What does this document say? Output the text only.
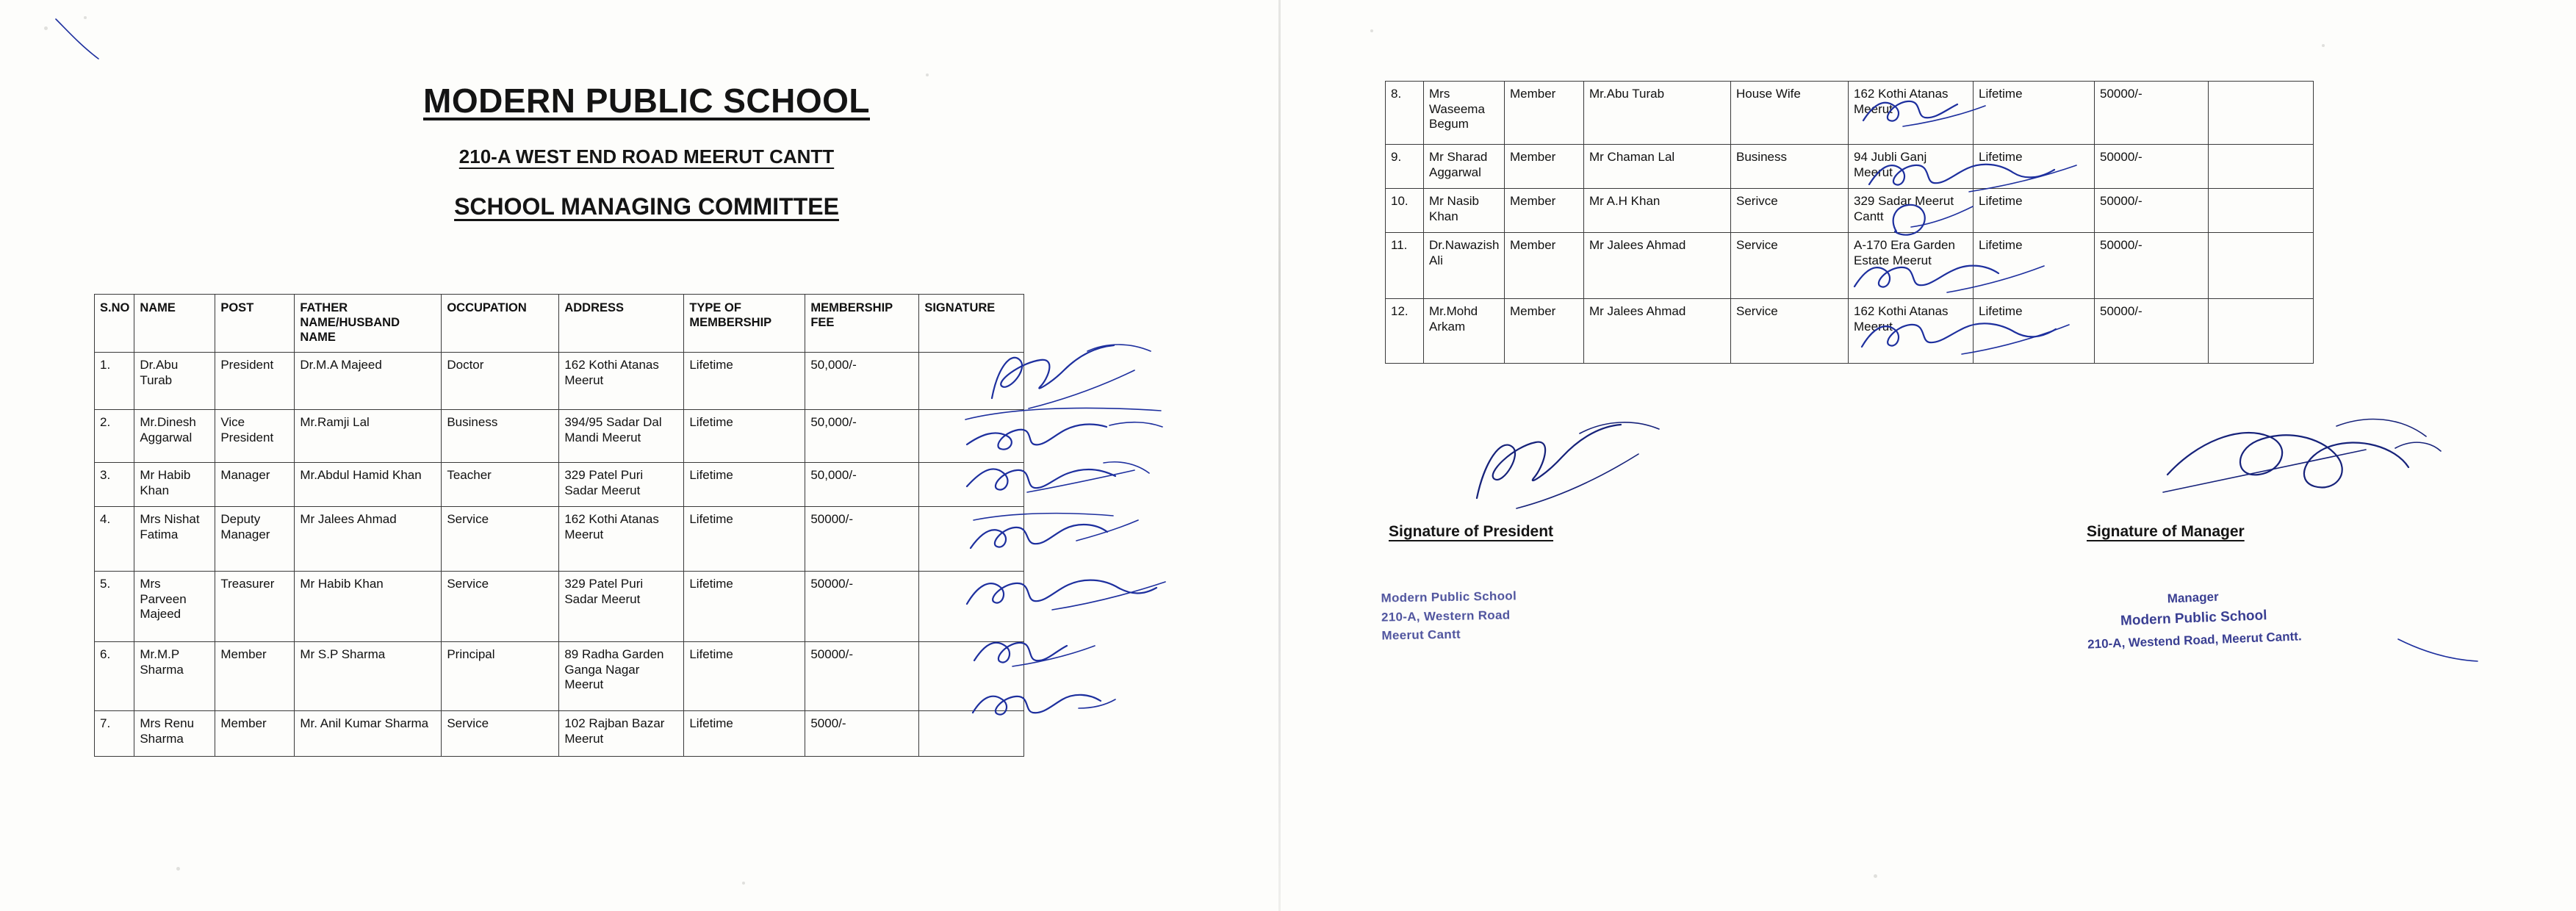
MODERN PUBLIC SCHOOL
210-A WEST END ROAD MEERUT CANTT
SCHOOL MANAGING COMMITTEE
S.NO	NAME	POST	FATHER NAME/HUSBAND NAME	OCCUPATION	ADDRESS	TYPE OF MEMBERSHIP	MEMBERSHIP FEE	SIGNATURE
1.	Dr.Abu Turab	President	Dr.M.A Majeed	Doctor	162 Kothi Atanas Meerut	Lifetime	50,000/-	
2.	Mr.Dinesh Aggarwal	Vice President	Mr.Ramji Lal	Business	394/95 Sadar Dal Mandi Meerut	Lifetime	50,000/-	
3.	Mr Habib Khan	Manager	Mr.Abdul Hamid Khan	Teacher	329 Patel Puri Sadar Meerut	Lifetime	50,000/-	
4.	Mrs Nishat Fatima	Deputy Manager	Mr Jalees Ahmad	Service	162 Kothi Atanas Meerut	Lifetime	50000/-	
5.	Mrs Parveen Majeed	Treasurer	Mr Habib Khan	Service	329 Patel Puri Sadar Meerut	Lifetime	50000/-	
6.	Mr.M.P Sharma	Member	Mr S.P Sharma	Principal	89 Radha Garden Ganga Nagar Meerut	Lifetime	50000/-	
7.	Mrs Renu Sharma	Member	Mr. Anil Kumar Sharma	Service	102 Rajban Bazar Meerut	Lifetime	5000/-	
8.	Mrs Waseema Begum	Member	Mr.Abu Turab	House Wife	162 Kothi Atanas Meerut	Lifetime	50000/-	
9.	Mr Sharad Aggarwal	Member	Mr Chaman Lal	Business	94 Jubli Ganj Meerut	Lifetime	50000/-	
10.	Mr Nasib Khan	Member	Mr A.H Khan	Serivce	329 Sadar Meerut Cantt	Lifetime	50000/-	
11.	Dr.Nawazish Ali	Member	Mr Jalees Ahmad	Service	A-170 Era Garden Estate Meerut	Lifetime	50000/-	
12.	Mr.Mohd Arkam	Member	Mr Jalees Ahmad	Service	162 Kothi Atanas Meerut	Lifetime	50000/-	
Signature of President
Modern Public School
210-A, Western Road
Meerut Cantt
Signature of Manager
Manager
Modern Public School
210-A, Westend Road, Meerut Cantt.
